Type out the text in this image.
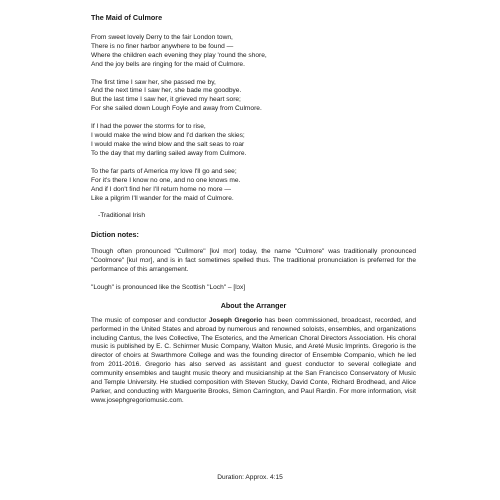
The Maid of Culmore
From sweet lovely Derry to the fair London town,
There is no finer harbor anywhere to be found —
Where the children each evening they play 'round the shore,
And the joy bells are ringing for the maid of Culmore.
The first time I saw her, she passed me by,
And the next time I saw her, she bade me goodbye.
But the last time I saw her, it grieved my heart sore;
For she sailed down Lough Foyle and away from Culmore.
If I had the power the storms for to rise,
I would make the wind blow and I'd darken the skies;
I would make the wind blow and the salt seas to roar
To the day that my darling sailed away from Culmore.
To the far parts of America my love I'll go and see;
For it's there I know no one, and no one knows me.
And if I don't find her I'll return home no more —
Like a pilgrim I'll wander for the maid of Culmore.
-Traditional Irish
Diction notes:
Though often pronounced "Cullmore" [kʌl mɔr] today, the name "Culmore" was traditionally pronounced "Coolmore" [kul mɔr], and is in fact sometimes spelled thus. The traditional pronunciation is preferred for the performance of this arrangement.
"Lough" is pronounced like the Scottish "Loch" – [lɔx]
About the Arranger
The music of composer and conductor Joseph Gregorio has been commissioned, broadcast, recorded, and performed in the United States and abroad by numerous and renowned soloists, ensembles, and organizations including Cantus, the Ives Collective, The Esoterics, and the American Choral Directors Association. His choral music is published by E. C. Schirmer Music Company, Walton Music, and Areté Music Imprints. Gregorio is the director of choirs at Swarthmore College and was the founding director of Ensemble Companio, which he led from 2011-2016. Gregorio has also served as assistant and guest conductor to several collegiate and community ensembles and taught music theory and musicianship at the San Francisco Conservatory of Music and Temple University. He studied composition with Steven Stucky, David Conte, Richard Brodhead, and Alice Parker, and conducting with Marguerite Brooks, Simon Carrington, and Paul Rardin. For more information, visit www.josephgregoriomusic.com.
Duration: Approx. 4:15
